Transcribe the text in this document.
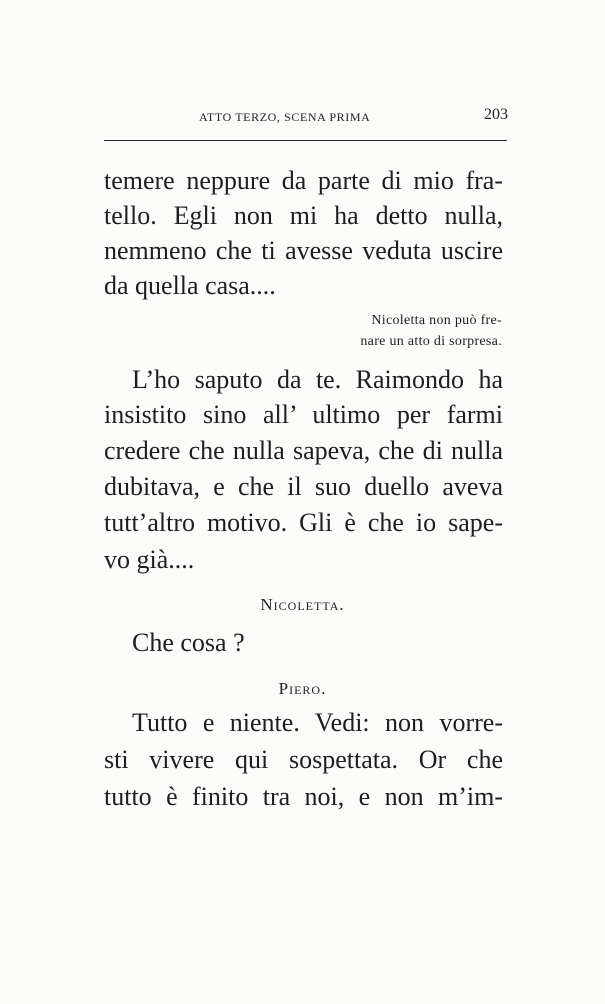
ATTO TERZO, SCENA PRIMA	203
temere neppure da parte di mio fra-
tello. Egli non mi ha detto nulla,
nemmeno che ti avesse veduta uscire
da quella casa....
Nicoletta non può fre-
nare un atto di sorpresa.
L’ho saputo da te. Raimondo ha
insistito sino all’ ultimo per farmi
credere che nulla sapeva, che di nulla
dubitava, e che il suo duello aveva
tutt’altro motivo. Gli è che io sape-
vo già....
Nicoletta.
Che cosa ?
Piero.
Tutto e niente. Vedi: non vorre-
sti vivere qui sospettata. Or che
tutto è finito tra noi, e non m’im-
